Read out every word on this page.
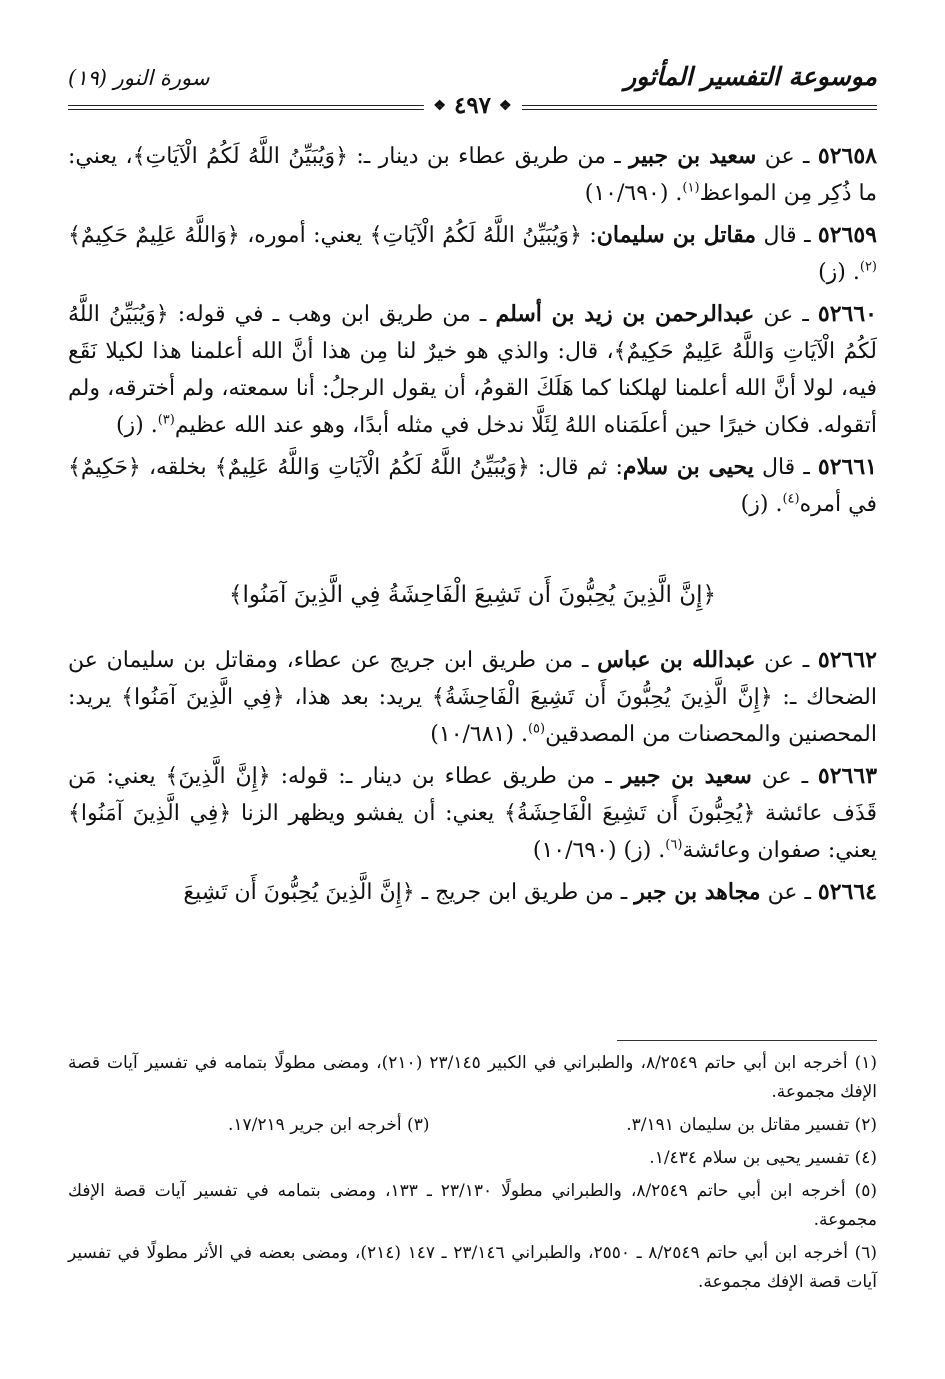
موسوعة التفسير المأثور
سورة النور (١٩)
❖
٤٩٧
❖

٥٢٦٥٨ ـ عن سعيد بن جبير ـ من طريق عطاء بن دينار ـ: ﴿وَيُبَيِّنُ اللَّهُ لَكُمُ الْآيَاتِ﴾، يعني: ما ذُكِر مِن المواعظ$^{(١)}$. (١٠/٦٩٠)

٥٢٦٥٩ ـ قال مقاتل بن سليمان: ﴿وَيُبَيِّنُ اللَّهُ لَكُمُ الْآيَاتِ﴾ يعني: أموره، ﴿وَاللَّهُ عَلِيمٌ حَكِيمٌ﴾$^{(٢)}$. (ز)

٥٢٦٦٠ ـ عن عبدالرحمن بن زيد بن أسلم ـ من طريق ابن وهب ـ في قوله: ﴿وَيُبَيِّنُ اللَّهُ لَكُمُ الْآيَاتِ وَاللَّهُ عَلِيمٌ حَكِيمٌ﴾، قال: والذي هو خيرٌ لنا مِن هذا أنَّ الله أعلمنا هذا لكيلا نَقَع فيه، لولا أنَّ الله أعلمنا لهلكنا كما هَلَكَ القومُ، أن يقول الرجلُ: أنا سمعته، ولم أخترقه، ولم أتقوله. فكان خيرًا حين أعلَمَناه اللهُ لِئَلَّا ندخل في مثله أبدًا، وهو عند الله عظيم$^{(٣)}$. (ز)

٥٢٦٦١ ـ قال يحيى بن سلام: ثم قال: ﴿وَيُبَيِّنُ اللَّهُ لَكُمُ الْآيَاتِ وَاللَّهُ عَلِيمٌ﴾ بخلقه، ﴿حَكِيمٌ﴾ في أمره$^{(٤)}$. (ز)

﴿إِنَّ الَّذِينَ يُحِبُّونَ أَن تَشِيعَ الْفَاحِشَةُ فِي الَّذِينَ آمَنُوا﴾

٥٢٦٦٢ ـ عن عبدالله بن عباس ـ من طريق ابن جريج عن عطاء، ومقاتل بن سليمان عن الضحاك ـ: ﴿إِنَّ الَّذِينَ يُحِبُّونَ أَن تَشِيعَ الْفَاحِشَةُ﴾ يريد: بعد هذا، ﴿فِي الَّذِينَ آمَنُوا﴾ يريد: المحصنين والمحصنات من المصدقين$^{(٥)}$. (١٠/٦٨١)

٥٢٦٦٣ ـ عن سعيد بن جبير ـ من طريق عطاء بن دينار ـ: قوله: ﴿إِنَّ الَّذِينَ﴾ يعني: مَن قَذَف عائشة ﴿يُحِبُّونَ أَن تَشِيعَ الْفَاحِشَةُ﴾ يعني: أن يفشو ويظهر الزنا ﴿فِي الَّذِينَ آمَنُوا﴾ يعني: صفوان وعائشة$^{(٦)}$. (ز) (١٠/٦٩٠)

٥٢٦٦٤ ـ عن مجاهد بن جبر ـ من طريق ابن جريج ـ ﴿إِنَّ الَّذِينَ يُحِبُّونَ أَن تَشِيعَ

(١) أخرجه ابن أبي حاتم ٨/٢٥٤٩، والطبراني في الكبير ٢٣/١٤٥ (٢١٠)، ومضى مطولًا بتمامه في تفسير آيات قصة الإفك مجموعة.

(٢) تفسير مقاتل بن سليمان ٣/١٩١.

(٣) أخرجه ابن جرير ١٧/٢١٩.

(٤) تفسير يحيى بن سلام ١/٤٣٤.

(٥) أخرجه ابن أبي حاتم ٨/٢٥٤٩، والطبراني مطولًا ٢٣/١٣٠ ـ ١٣٣، ومضى بتمامه في تفسير آيات قصة الإفك مجموعة.

(٦) أخرجه ابن أبي حاتم ٨/٢٥٤٩ ـ ٢٥٥٠، والطبراني ٢٣/١٤٦ ـ ١٤٧ (٢١٤)، ومضى بعضه في الأثر مطولًا في تفسير آيات قصة الإفك مجموعة.
